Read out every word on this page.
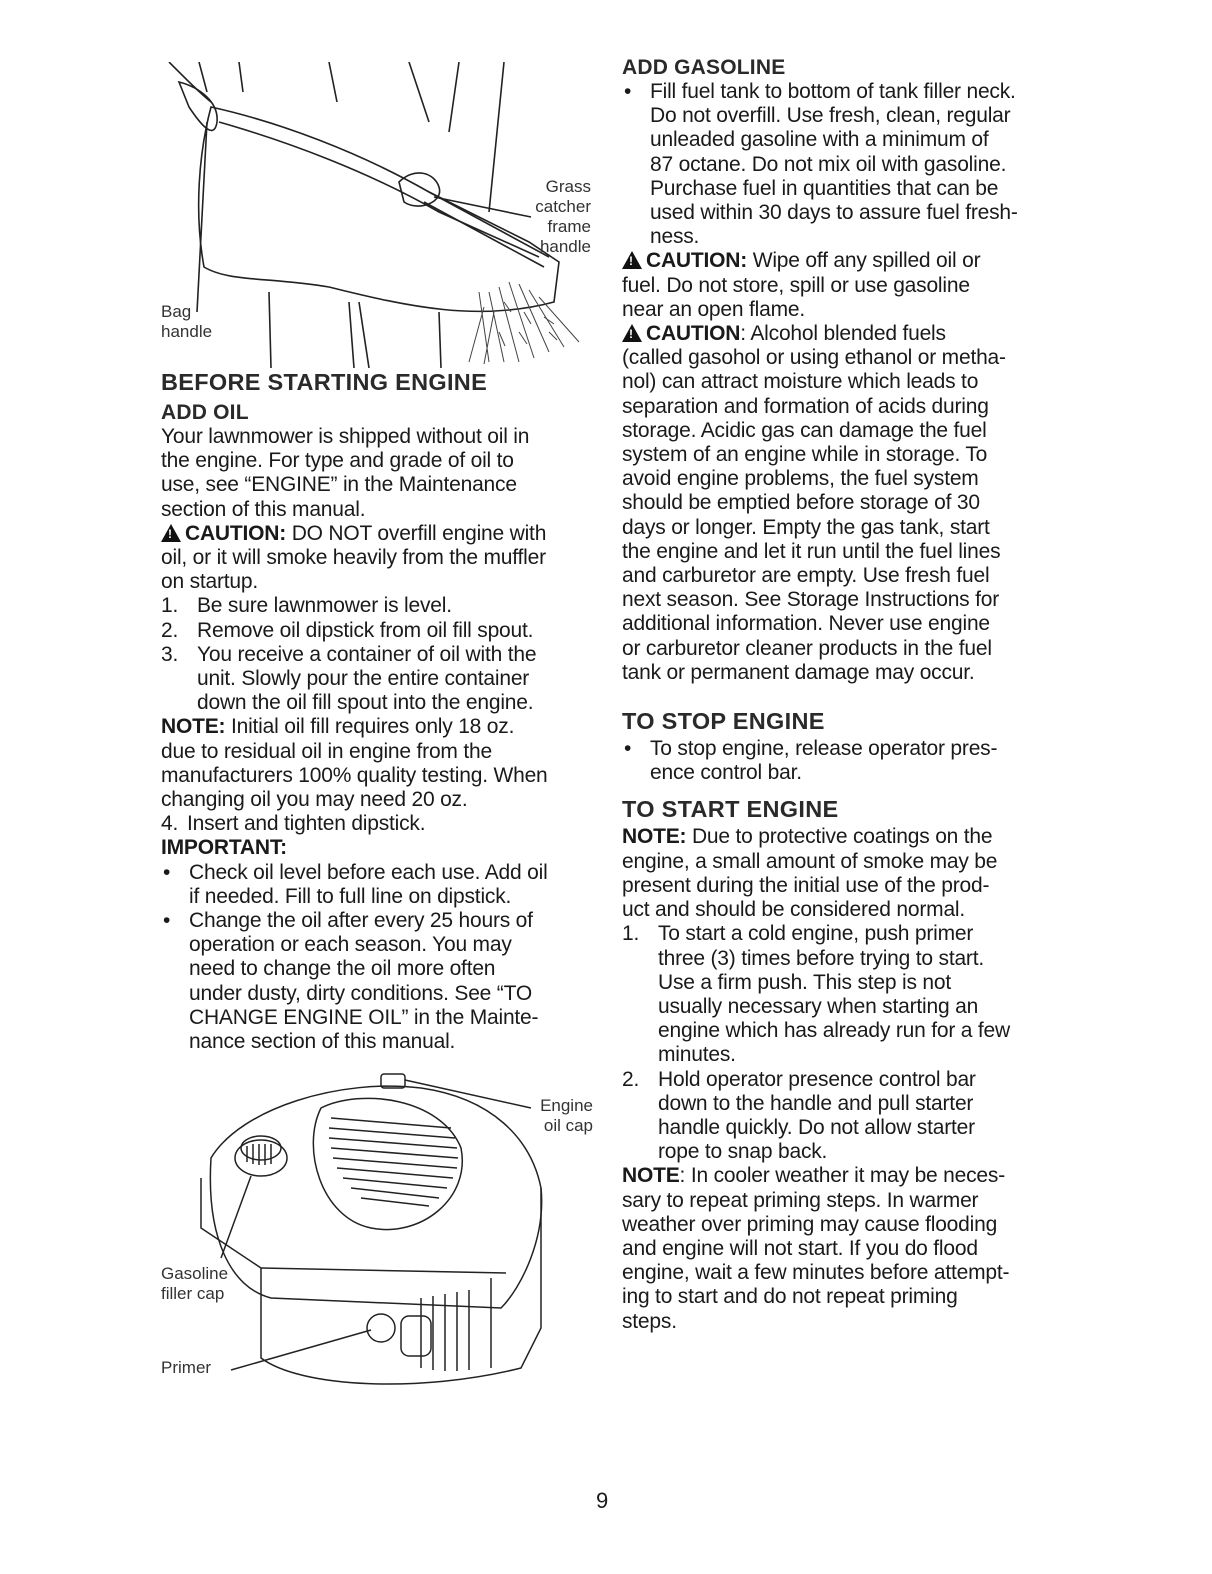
Grass
catcher
frame
handle
Bag
handle
BEFORE STARTING ENGINE
ADD OIL
Your lawnmower is shipped without oil in
the engine. For type and grade of oil to
use, see “ENGINE” in the Maintenance
section of this manual.
!CAUTION: DO NOT overfill engine with
oil, or it will smoke heavily from the muffler
on startup.
1. Be sure lawnmower is level.
2. Remove oil dipstick from oil fill spout.
3. You receive a container of oil with the
unit. Slowly pour the entire container
down the oil fill spout into the engine.
NOTE: Initial oil fill requires only 18 oz.
due to residual oil in engine from the
manufacturers 100% quality testing. When
changing oil you may need 20 oz.
4. Insert and tighten dipstick.
IMPORTANT:
• Check oil level before each use. Add oil
if needed. Fill to full line on dipstick.
• Change the oil after every 25 hours of
operation or each season. You may
need to change the oil more often
under dusty, dirty conditions. See “TO
CHANGE ENGINE OIL” in the Mainte-
nance section of this manual.
Engine
oil cap
Gasoline
filler cap
Primer
ADD GASOLINE
• Fill fuel tank to bottom of tank filler neck.
Do not overfill. Use fresh, clean, regular
unleaded gasoline with a minimum of
87 octane. Do not mix oil with gasoline.
Purchase fuel in quantities that can be
used within 30 days to assure fuel fresh-
ness.
!CAUTION: Wipe off any spilled oil or
fuel. Do not store, spill or use gasoline
near an open flame.
!CAUTION: Alcohol blended fuels
(called gasohol or using ethanol or metha-
nol) can attract moisture which leads to
separation and formation of acids during
storage. Acidic gas can damage the fuel
system of an engine while in storage. To
avoid engine problems, the fuel system
should be emptied before storage of 30
days or longer. Empty the gas tank, start
the engine and let it run until the fuel lines
and carburetor are empty. Use fresh fuel
next season. See Storage Instructions for
additional information. Never use engine
or carburetor cleaner products in the fuel
tank or permanent damage may occur.
TO STOP ENGINE
• To stop engine, release operator pres-
ence control bar.
TO START ENGINE
NOTE: Due to protective coatings on the
engine, a small amount of smoke may be
present during the initial use of the prod-
uct and should be considered normal.
1. To start a cold engine, push primer
three (3) times before trying to start.
Use a firm push. This step is not
usually necessary when starting an
engine which has already run for a few
minutes.
2. Hold operator presence control bar
down to the handle and pull starter
handle quickly. Do not allow starter
rope to snap back.
NOTE: In cooler weather it may be neces-
sary to repeat priming steps. In warmer
weather over priming may cause flooding
and engine will not start. If you do flood
engine, wait a few minutes before attempt-
ing to start and do not repeat priming
steps.
9
